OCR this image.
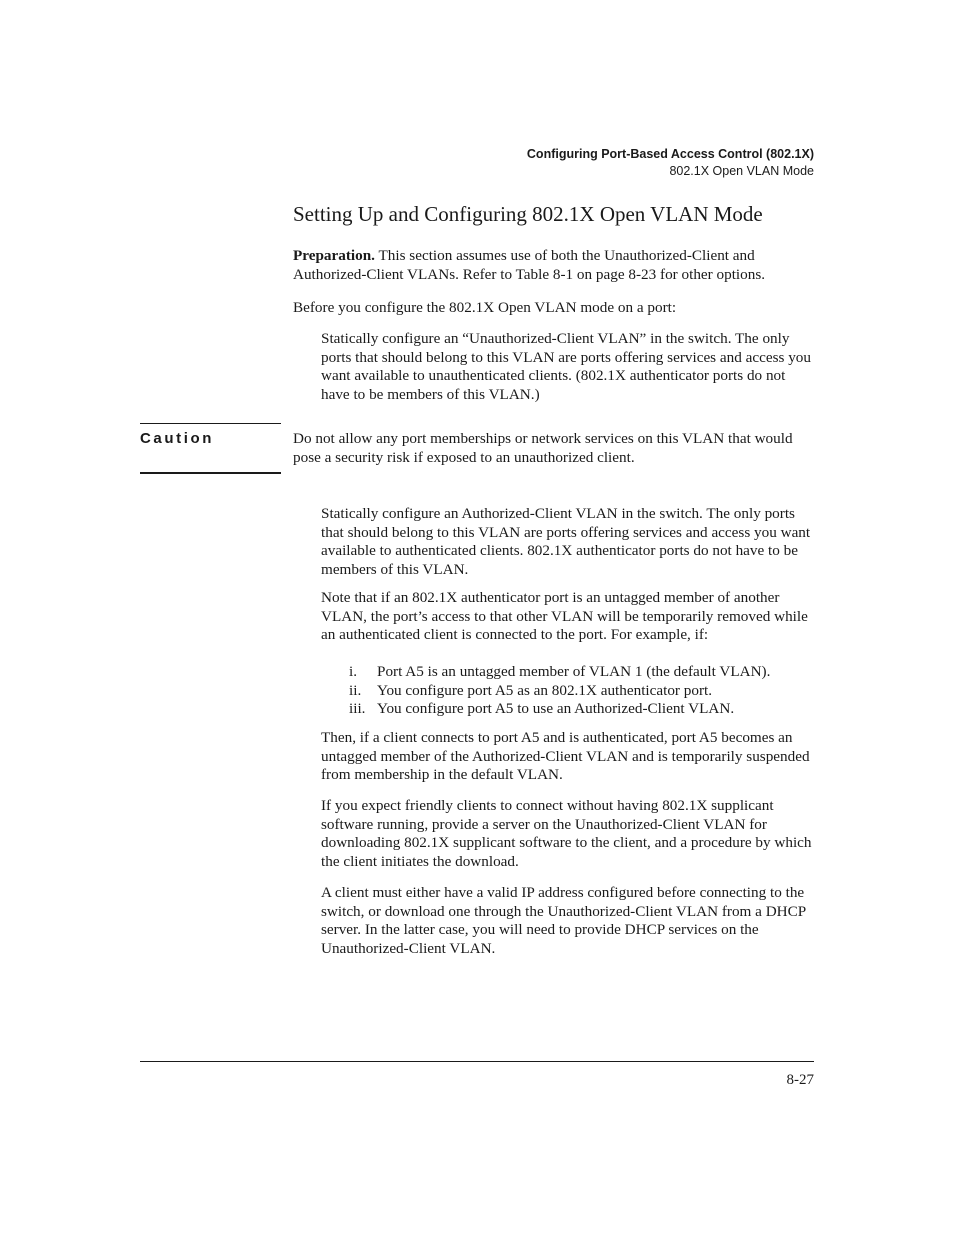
Configuring Port-Based Access Control (802.1X)
802.1X Open VLAN Mode
Setting Up and Configuring 802.1X Open VLAN Mode

Preparation. This section assumes use of both the Unauthorized-Client and Authorized-Client VLANs. Refer to Table 8-1 on page 8-23 for other options.

Before you configure the 802.1X Open VLAN mode on a port:

Statically configure an “Unauthorized-Client VLAN” in the switch. The only ports that should belong to this VLAN are ports offering services and access you want available to unauthenticated clients. (802.1X authenticator ports do not have to be members of this VLAN.)

Caution	Do not allow any port memberships or network services on this VLAN that would pose a security risk if exposed to an unauthorized client.

Statically configure an Authorized-Client VLAN in the switch. The only ports that should belong to this VLAN are ports offering services and access you want available to authenticated clients. 802.1X authenticator ports do not have to be members of this VLAN.

Note that if an 802.1X authenticator port is an untagged member of another VLAN, the port’s access to that other VLAN will be temporarily removed while an authenticated client is connected to the port. For example, if:

i. Port A5 is an untagged member of VLAN 1 (the default VLAN).
ii. You configure port A5 as an 802.1X authenticator port.
iii. You configure port A5 to use an Authorized-Client VLAN.

Then, if a client connects to port A5 and is authenticated, port A5 becomes an untagged member of the Authorized-Client VLAN and is temporarily suspended from membership in the default VLAN.

If you expect friendly clients to connect without having 802.1X supplicant software running, provide a server on the Unauthorized-Client VLAN for downloading 802.1X supplicant software to the client, and a procedure by which the client initiates the download.

A client must either have a valid IP address configured before connecting to the switch, or download one through the Unauthorized-Client VLAN from a DHCP server. In the latter case, you will need to provide DHCP services on the Unauthorized-Client VLAN.

8-27
